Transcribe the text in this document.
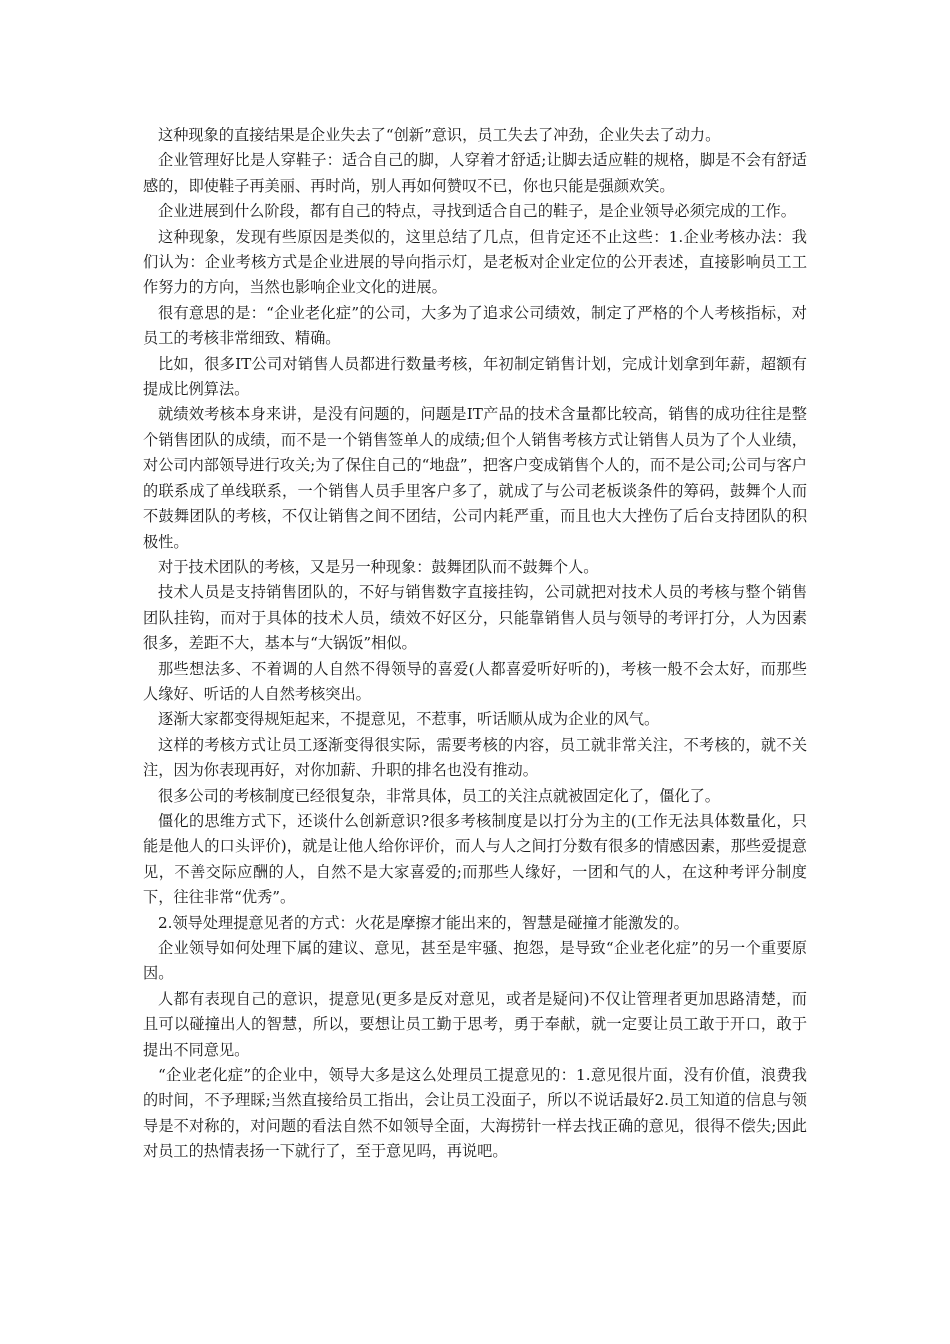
这种现象的直接结果是企业失去了“创新”意识，员工失去了冲劲，企业失去了动力。

企业管理好比是人穿鞋子：适合自己的脚，人穿着才舒适;让脚去适应鞋的规格，脚是不会有舒适感的，即使鞋子再美丽、再时尚，别人再如何赞叹不已，你也只能是强颜欢笑。

企业进展到什么阶段，都有自己的特点，寻找到适合自己的鞋子，是企业领导必须完成的工作。

这种现象，发现有些原因是类似的，这里总结了几点，但肯定还不止这些：1.企业考核办法：我们认为：企业考核方式是企业进展的导向指示灯，是老板对企业定位的公开表述，直接影响员工工作努力的方向，当然也影响企业文化的进展。

很有意思的是：“企业老化症”的公司，大多为了追求公司绩效，制定了严格的个人考核指标，对员工的考核非常细致、精确。

比如，很多IT公司对销售人员都进行数量考核，年初制定销售计划，完成计划拿到年薪，超额有提成比例算法。

就绩效考核本身来讲，是没有问题的，问题是IT产品的技术含量都比较高，销售的成功往往是整个销售团队的成绩，而不是一个销售签单人的成绩;但个人销售考核方式让销售人员为了个人业绩，对公司内部领导进行攻关;为了保住自己的“地盘”，把客户变成销售个人的，而不是公司;公司与客户的联系成了单线联系，一个销售人员手里客户多了，就成了与公司老板谈条件的筹码，鼓舞个人而不鼓舞团队的考核，不仅让销售之间不团结，公司内耗严重，而且也大大挫伤了后台支持团队的积极性。

对于技术团队的考核，又是另一种现象：鼓舞团队而不鼓舞个人。

技术人员是支持销售团队的，不好与销售数字直接挂钩，公司就把对技术人员的考核与整个销售团队挂钩，而对于具体的技术人员，绩效不好区分，只能靠销售人员与领导的考评打分，人为因素很多，差距不大，基本与“大锅饭”相似。

那些想法多、不着调的人自然不得领导的喜爱(人都喜爱听好听的)，考核一般不会太好，而那些人缘好、听话的人自然考核突出。

逐渐大家都变得规矩起来，不提意见，不惹事，听话顺从成为企业的风气。

这样的考核方式让员工逐渐变得很实际，需要考核的内容，员工就非常关注，不考核的，就不关注，因为你表现再好，对你加薪、升职的排名也没有推动。

很多公司的考核制度已经很复杂，非常具体，员工的关注点就被固定化了，僵化了。

僵化的思维方式下，还谈什么创新意识?很多考核制度是以打分为主的(工作无法具体数量化，只能是他人的口头评价)，就是让他人给你评价，而人与人之间打分数有很多的情感因素，那些爱提意见，不善交际应酬的人，自然不是大家喜爱的;而那些人缘好，一团和气的人，在这种考评分制度下，往往非常“优秀”。

2.领导处理提意见者的方式：火花是摩擦才能出来的，智慧是碰撞才能激发的。

企业领导如何处理下属的建议、意见，甚至是牢骚、抱怨，是导致“企业老化症”的另一个重要原因。

人都有表现自己的意识，提意见(更多是反对意见，或者是疑问)不仅让管理者更加思路清楚，而且可以碰撞出人的智慧，所以，要想让员工勤于思考，勇于奉献，就一定要让员工敢于开口，敢于提出不同意见。

“企业老化症”的企业中，领导大多是这么处理员工提意见的：1.意见很片面，没有价值，浪费我的时间，不予理睬;当然直接给员工指出，会让员工没面子，所以不说话最好2.员工知道的信息与领导是不对称的，对问题的看法自然不如领导全面，大海捞针一样去找正确的意见，很得不偿失;因此对员工的热情表扬一下就行了，至于意见吗，再说吧。
